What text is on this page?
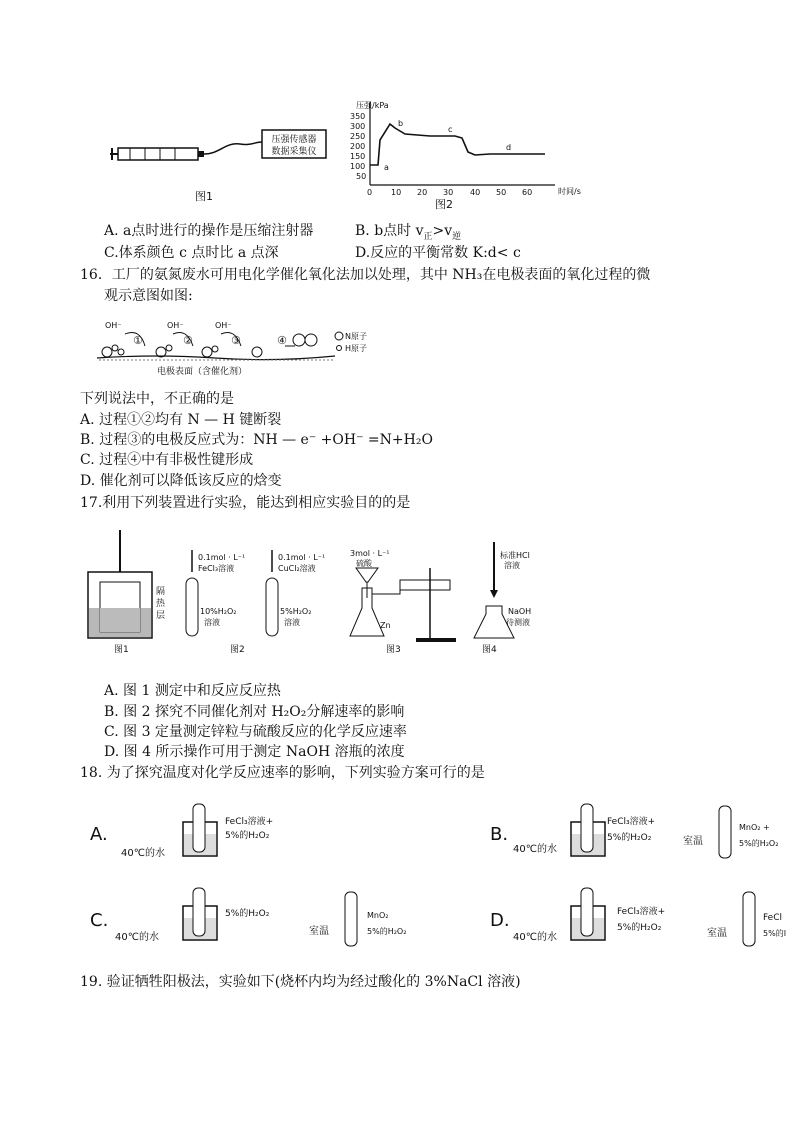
压强传感器
数据采集仪
图1
压强/kPa
时间/s
350
300
250
200
150
100
50
0 10 20 30 40 50 60
a
b
c
d
图2
A. a点时进行的操作是压缩注射器	B. b点时 $v_正>v_逆$
C.体系颜色 c 点时比 a 点深	D.反应的平衡常数 K:d< c
16．工厂的氨氮废水可用电化学催化氧化法加以处理，其中 NH₃在电极表面的氧化过程的微
观示意图如图:
OH⁻	OH⁻	OH⁻
①	②	③	④
电极表面（含催化剂）
N原子
H原子
下列说法中，不正确的是
A. 过程①②均有 N — H 键断裂
B. 过程③的电极反应式为：NH — e⁻ +OH⁻ =N+H₂O
C. 过程④中有非极性键形成
D. 催化剂可以降低该反应的焓变
17.利用下列装置进行实验，能达到相应实验目的的是
隔
热
层
图1
0.1mol · L⁻¹
FeCl₃溶液
0.1mol · L⁻¹
CuCl₂溶液
10%H₂O₂
溶液
5%H₂O₂
溶液
图2
3mol · L⁻¹
硫酸
Zn
图3
标准HCl
溶液
NaOH
待测液
图4
A. 图 1 测定中和反应反应热
B. 图 2 探究不同催化剂对 H₂O₂分解速率的影响
C. 图 3 定量测定锌粒与硫酸反应的化学反应速率
D. 图 4 所示操作可用于测定 NaOH 溶瓶的浓度
18. 为了探究温度对化学反应速率的影响，下列实验方案可行的是
A.
40℃的水
FeCl₃溶液+
5%的H₂O₂	B.
40℃的水
FeCl₃溶液+
5%的H₂O₂	室温
MnO₂ +
5%的H₂O₂
C.
40℃的水
5%的H₂O₂
室温
MnO₂
5%的H₂O₂
D.
40℃的水
FeCl₃溶液+
5%的H₂O₂	室温
FeCl
5%的I
19. 验证牺牲阳极法，实验如下(烧杯内均为经过酸化的 3%NaCl 溶液)
